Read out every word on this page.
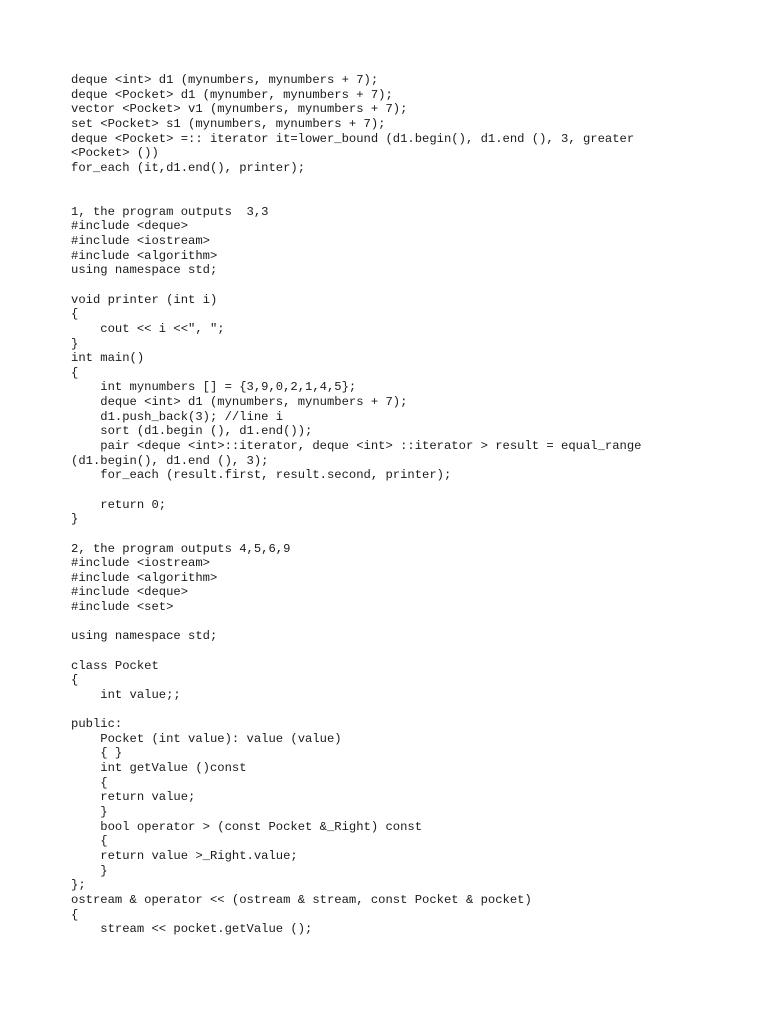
deque <int> d1 (mynumbers, mynumbers + 7);
deque <Pocket> d1 (mynumber, mynumbers + 7);
vector <Pocket> v1 (mynumbers, mynumbers + 7);
set <Pocket> s1 (mynumbers, mynumbers + 7);
deque <Pocket> =:: iterator it=lower_bound (d1.begin(), d1.end (), 3, greater
<Pocket> ())
for_each (it,d1.end(), printer);
1, the program outputs  3,3
#include <deque>
#include <iostream>
#include <algorithm>
using namespace std;
void printer (int i)
{
cout << i <<", ";
}
int main()
{
int mynumbers [] = {3,9,0,2,1,4,5};
deque <int> d1 (mynumbers, mynumbers + 7);
d1.push_back(3); //line i
sort (d1.begin (), d1.end());
pair <deque <int>::iterator, deque <int> ::iterator > result = equal_range
(d1.begin(), d1.end (), 3);
for_each (result.first, result.second, printer);
return 0;
}
2, the program outputs 4,5,6,9
#include <iostream>
#include <algorithm>
#include <deque>
#include <set>
using namespace std;
class Pocket
{
int value;;
public:
Pocket (int value): value (value)
{ }
int getValue ()const
{
return value;
}
bool operator > (const Pocket &_Right) const
{
return value >_Right.value;
}
};
ostream & operator << (ostream & stream, const Pocket & pocket)
{
stream << pocket.getValue ();
